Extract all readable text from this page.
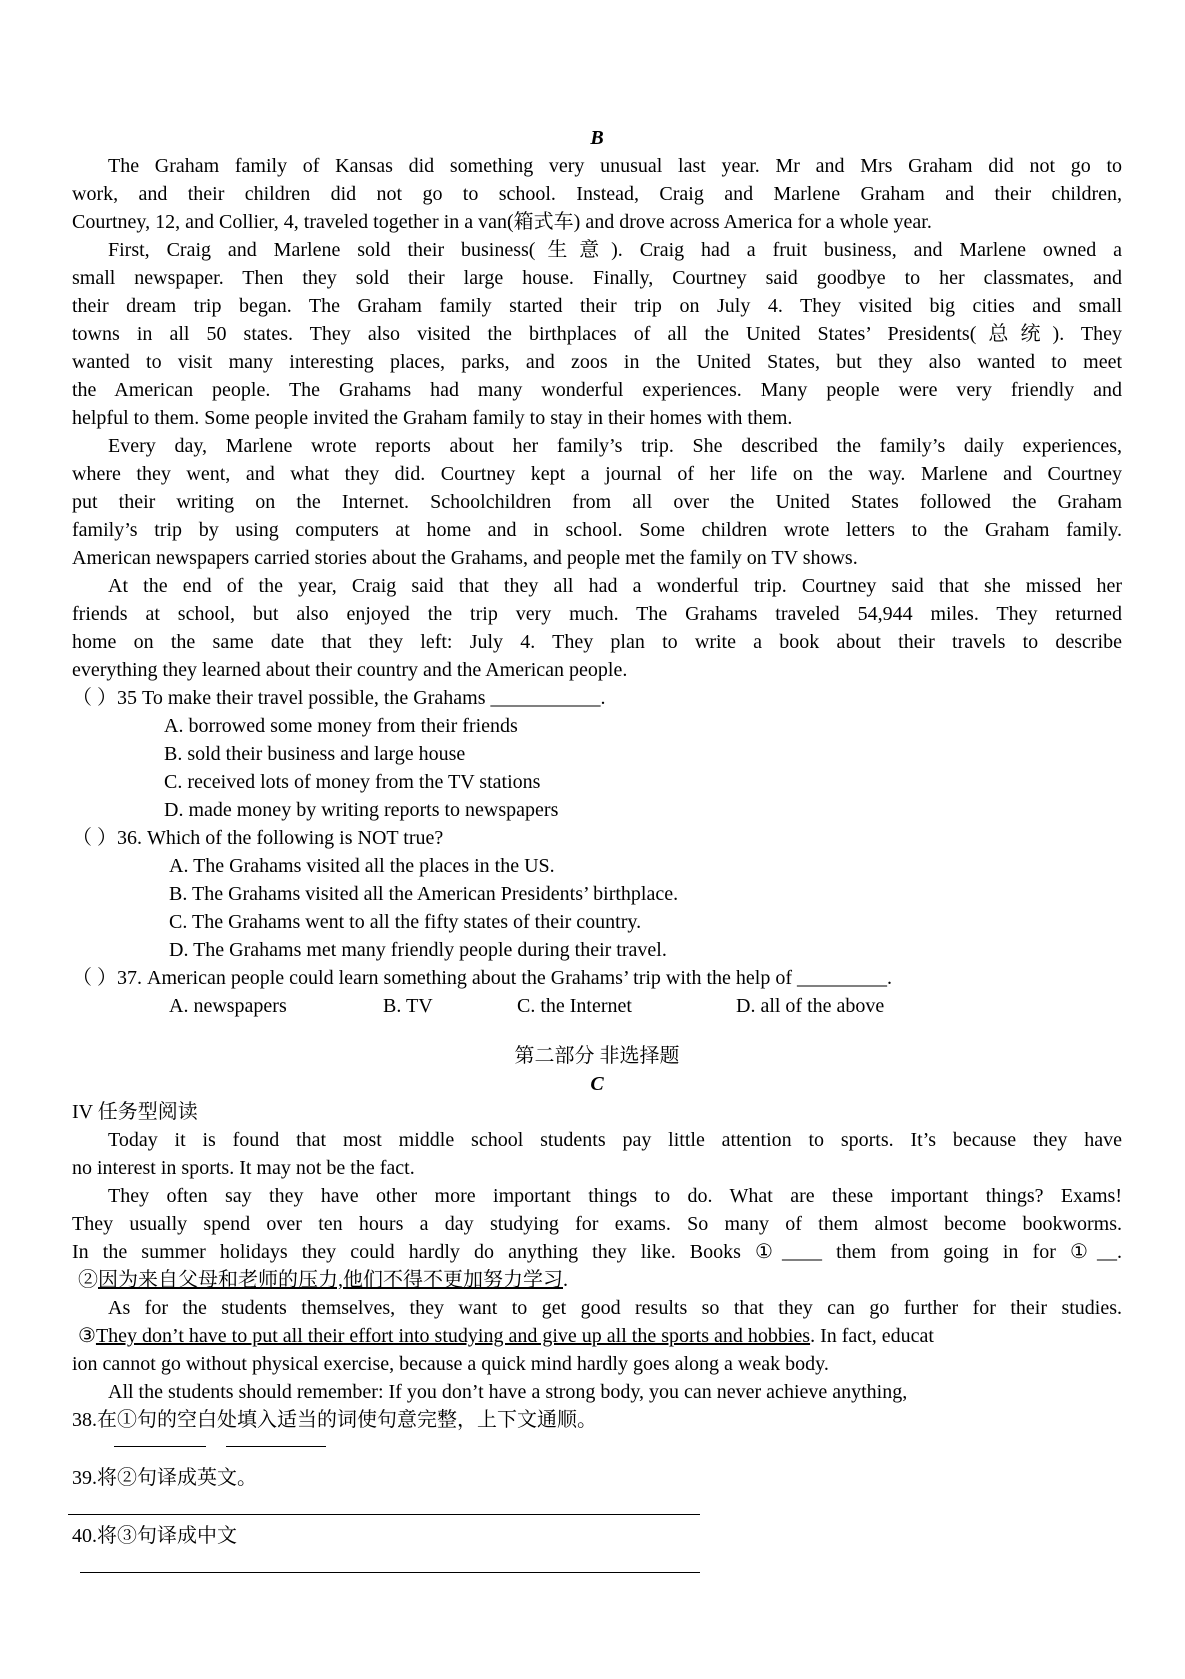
B
The Graham family of Kansas did something very unusual last year. Mr and Mrs Graham did not go to
work, and their children did not go to school. Instead, Craig and Marlene Graham and their children,
Courtney, 12, and Collier, 4, traveled together in a van(箱式车) and drove across America for a whole year.
First, Craig and Marlene sold their business(生意). Craig had a fruit business, and Marlene owned a
small newspaper. Then they sold their large house. Finally, Courtney said goodbye to her classmates, and
their dream trip began. The Graham family started their trip on July 4. They visited big cities and small
towns in all 50 states. They also visited the birthplaces of all the United States’ Presidents(总统). They
wanted to visit many interesting places, parks, and zoos in the United States, but they also wanted to meet
the American people. The Grahams had many wonderful experiences. Many people were very friendly and
helpful to them. Some people invited the Graham family to stay in their homes with them.
Every day, Marlene wrote reports about her family’s trip. She described the family’s daily experiences,
where they went, and what they did. Courtney kept a journal of her life on the way. Marlene and Courtney
put their writing on the Internet. Schoolchildren from all over the United States followed the Graham
family’s trip by using computers at home and in school. Some children wrote letters to the Graham family.
American newspapers carried stories about the Grahams, and people met the family on TV shows.
At the end of the year, Craig said that they all had a wonderful trip. Courtney said that she missed her
friends at school, but also enjoyed the trip very much. The Grahams traveled 54,944 miles. They returned
home on the same date that they left: July 4. They plan to write a book about their travels to describe
everything they learned about their country and the American people.
（ ）35 To make their travel possible, the Grahams ___________.
A. borrowed some money from their friends
B. sold their business and large house
C. received lots of money from the TV stations
D. made money by writing reports to newspapers
（ ）36. Which of the following is NOT true?
A. The Grahams visited all the places in the US.
B. The Grahams visited all the American Presidents’ birthplace.
C. The Grahams went to all the fifty states of their country.
D. The Grahams met many friendly people during their travel.
（ ）37. American people could learn something about the Grahams’ trip with the help of _________.
A. newspapers	B. TV	C. the Internet	D. all of the above
第二部分 非选择题
C
IV 任务型阅读
Today it is found that most middle school students pay little attention to sports. It’s because they have
no interest in sports. It may not be the fact.
They often say they have other more important things to do. What are these important things? Exams!
They usually spend over ten hours a day studying for exams. So many of them almost become bookworms.
In the summer holidays they could hardly do anything they like. Books ①____ them from going in for ①__.
②因为来自父母和老师的压力,他们不得不更加努力学习.
As for the students themselves, they want to get good results so that they can go further for their studies.
③They don’t have to put all their effort into studying and give up all the sports and hobbies. In fact, educat
ion cannot go without physical exercise, because a quick mind hardly goes along a weak body.
All the students should remember: If you don’t have a strong body, you can never achieve anything,
38.在①句的空白处填入适当的词使句意完整，上下文通顺。
39.将②句译成英文。
40.将③句译成中文
